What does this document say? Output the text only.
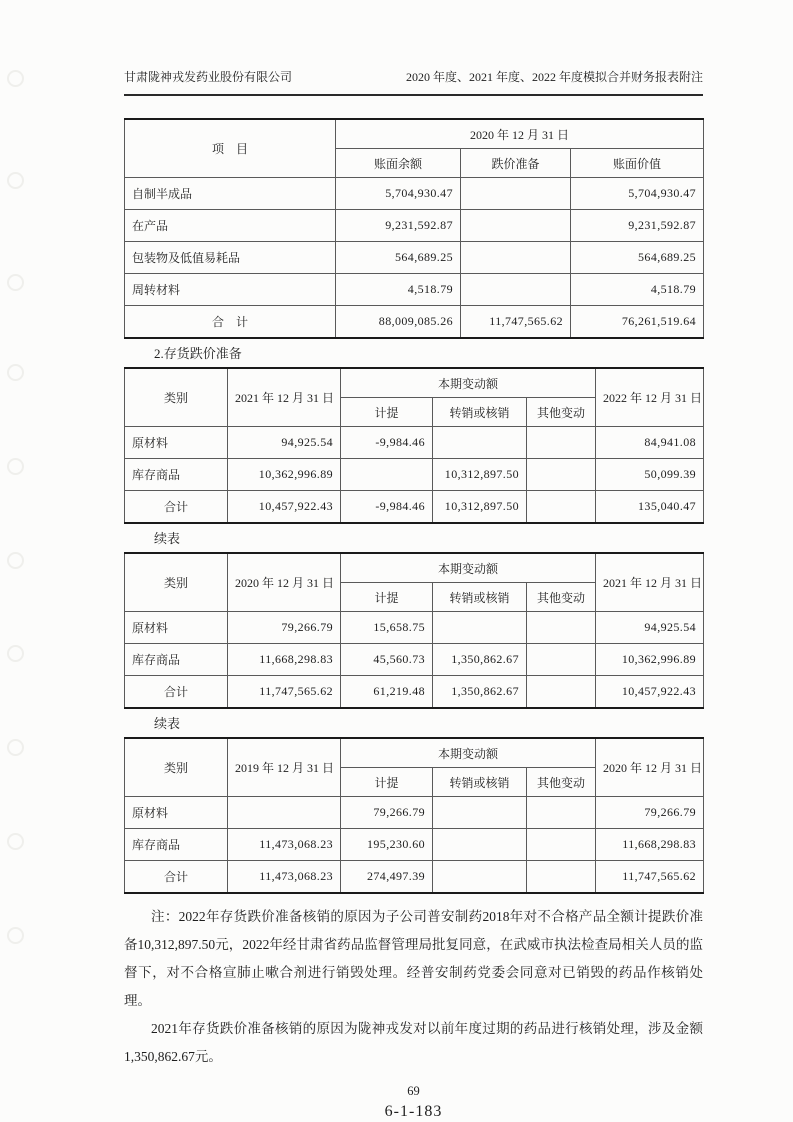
甘肃陇神戎发药业股份有限公司	2020 年度、2021 年度、2022 年度模拟合并财务报表附注
项　目	2020 年 12 月 31 日		
	账面余额	跌价准备	账面价值
自制半成品	5,704,930.47		5,704,930.47
在产品	9,231,592.87		9,231,592.87
包装物及低值易耗品	564,689.25		564,689.25
周转材料	4,518.79		4,518.79
合　计	88,009,085.26	11,747,565.62	76,261,519.64
2.存货跌价准备
类别	2021 年 12 月 31 日	本期变动额			2022 年 12 月 31 日
		计提	转销或核销	其他变动	
原材料	94,925.54	-9,984.46			84,941.08
库存商品	10,362,996.89		10,312,897.50		50,099.39
合计	10,457,922.43	-9,984.46	10,312,897.50		135,040.47
续表
类别	2020 年 12 月 31 日	本期变动额			2021 年 12 月 31 日
		计提	转销或核销	其他变动	
原材料	79,266.79	15,658.75			94,925.54
库存商品	11,668,298.83	45,560.73	1,350,862.67		10,362,996.89
合计	11,747,565.62	61,219.48	1,350,862.67		10,457,922.43
续表
类别	2019 年 12 月 31 日	本期变动额			2020 年 12 月 31 日
		计提	转销或核销	其他变动	
原材料		79,266.79			79,266.79
库存商品	11,473,068.23	195,230.60			11,668,298.83
合计	11,473,068.23	274,497.39			11,747,565.62

注：2022年存货跌价准备核销的原因为子公司普安制药2018年对不合格产品全额计提跌价准备10,312,897.50元，2022年经甘肃省药品监督管理局批复同意，在武威市执法检查局相关人员的监督下，对不合格宣肺止嗽合剂进行销毁处理。经普安制药党委会同意对已销毁的药品作核销处理。

2021年存货跌价准备核销的原因为陇神戎发对以前年度过期的药品进行核销处理，涉及金额1,350,862.67元。

69
6-1-183
